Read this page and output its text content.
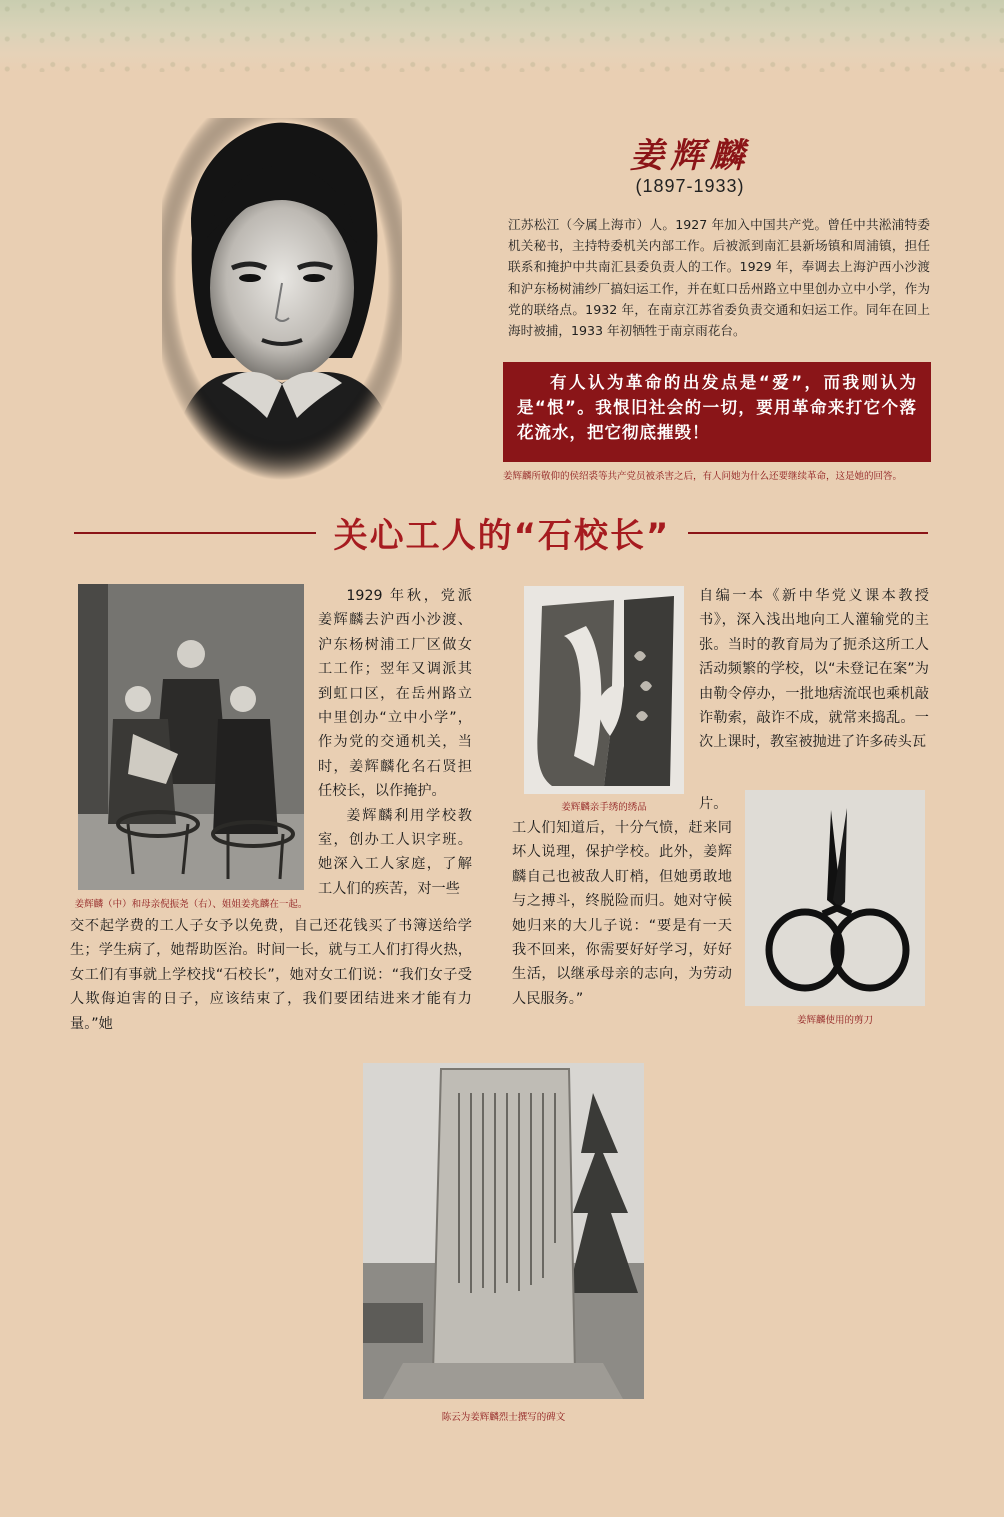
姜辉麟
(1897-1933)
江苏松江（今属上海市）人。1927 年加入中国共产党。曾任中共淞浦特委机关秘书，主持特委机关内部工作。后被派到南汇县新场镇和周浦镇，担任联系和掩护中共南汇县委负责人的工作。1929 年，奉调去上海沪西小沙渡和沪东杨树浦纱厂搞妇运工作，并在虹口岳州路立中里创办立中小学，作为党的联络点。1932 年，在南京江苏省委负责交通和妇运工作。同年在回上海时被捕，1933 年初牺牲于南京雨花台。

有人认为革命的出发点是“爱”，而我则认为是“恨”。我恨旧社会的一切，要用革命来打它个落花流水，把它彻底摧毁！

姜辉麟所敬仰的侯绍裘等共产党员被杀害之后，有人问她为什么还要继续革命，这是她的回答。
关心工人的“石校长”
姜辉麟（中）和母亲倪振尧（右）、姐姐姜兆麟在一起。

1929 年秋，党派姜辉麟去沪西小沙渡、沪东杨树浦工厂区做女工工作；翌年又调派其到虹口区，在岳州路立中里创办“立中小学”，作为党的交通机关，当时，姜辉麟化名石贤担任校长，以作掩护。

姜辉麟利用学校教室，创办工人识字班。她深入工人家庭，了解工人们的疾苦，对一些

交不起学费的工人子女予以免费，自己还花钱买了书簿送给学生；学生病了，她帮助医治。时间一长，就与工人们打得火热，女工们有事就上学校找“石校长”，她对女工们说：“我们女子受人欺侮迫害的日子，应该结束了，我们要团结进来才能有力量。”她
姜辉麟亲手绣的绣品
自编一本《新中华党义课本教授书》，深入浅出地向工人灌输党的主张。当时的教育局为了扼杀这所工人活动频繁的学校，以“未登记在案”为由勒令停办，一批地痞流氓也乘机敲诈勒索，敲诈不成，就常来捣乱。一次上课时，教室被抛进了许多砖头瓦
片。
工人们知道后，十分气愤，赶来同坏人说理，保护学校。此外，姜辉麟自己也被敌人盯梢，但她勇敢地与之搏斗，终脱险而归。她对守候她归来的大儿子说：“要是有一天我不回来，你需要好好学习，好好生活，以继承母亲的志向，为劳动人民服务。”
姜辉麟使用的剪刀
陈云为姜辉麟烈士撰写的碑文
